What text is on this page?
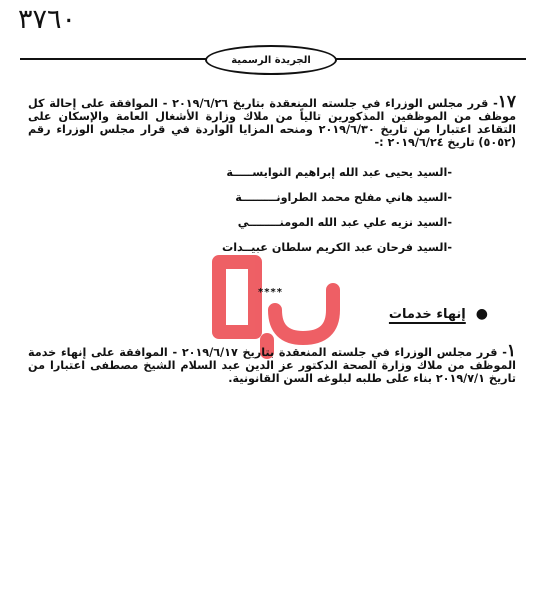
٣٧٦٠
الجريدة الرسمية
١٧- قرر مجلس الوزراء في جلسته المنعقدة بتاريخ ٢٠١٩/٦/٢٦ - الموافقة على إحالة كل موظف من الموظفين المذكورين تالياً من ملاك وزارة الأشغال العامة والإسكان على التقاعد اعتبارا من تاريخ ٢٠١٩/٦/٣٠ ومنحه المزايا الواردة في قرار مجلس الوزراء رقم (٥٠٥٢) تاريخ ٢٠١٩/٦/٢٤ :-
-
السيد يحيى عبد الله إبراهيم النوايســـــة
-
السيد هاني مفلح محمد الطراونـــــــــة
-
السيد نزيه علي عبد الله المومنــــــــي
-
السيد فرحان عبد الكريم سلطان عبيــدات
.COM ****
●
إنهاء خدمات
١- قرر مجلس الوزراء في جلسته المنعقدة بتاريخ ٢٠١٩/٦/١٧ - الموافقة على إنهاء خدمة الموظف من ملاك وزارة الصحة الدكتور عز الدين عبد السلام الشيخ مصطفى اعتبارا من تاريخ ٢٠١٩/٧/١ بناء على طلبه لبلوغه السن القانونية.
